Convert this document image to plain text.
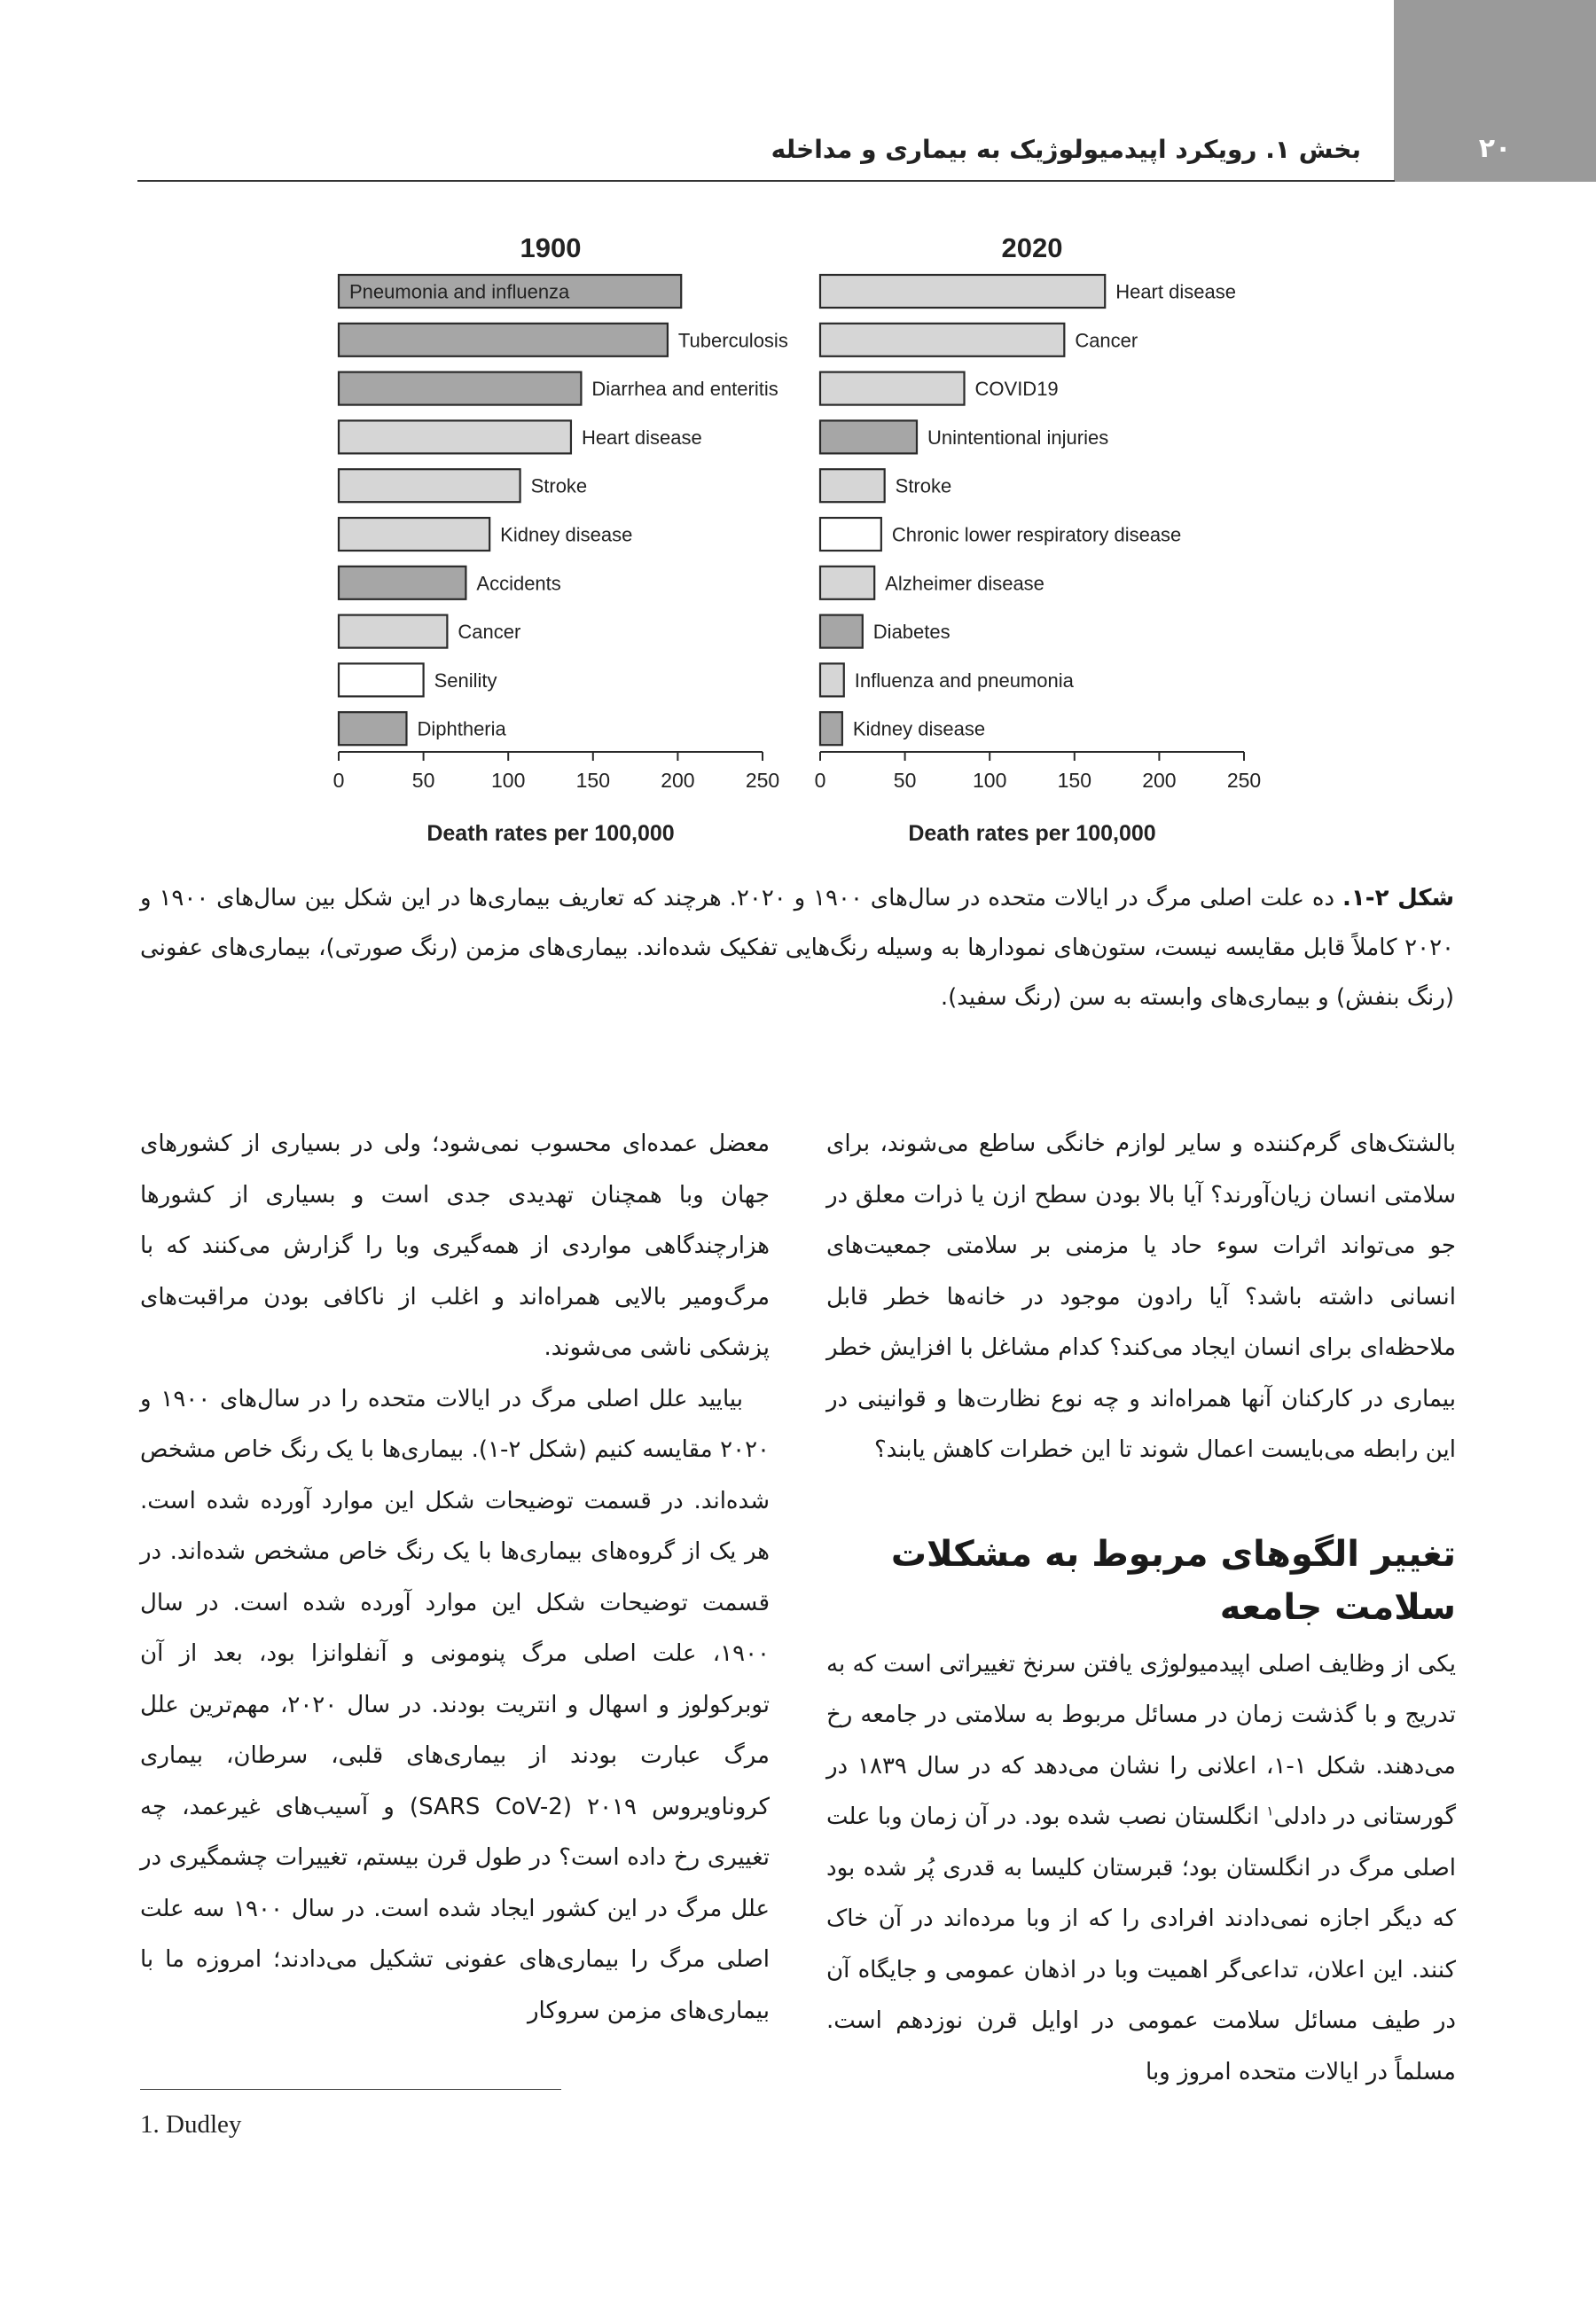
۲۰
بخش ۱. رویکرد اپیدمیولوژیک به بیماری و مداخله
1900
Pneumonia and influenza
Tuberculosis
Diarrhea and enteritis
Heart disease
Stroke
Kidney disease
Accidents
Cancer
Senility
Diphtheria
0	50	100 150 200 250
Death rates per 100,000
2020
Heart disease
Cancer
COVID19
Unintentional injuries
Stroke
Chronic lower respiratory disease
Alzheimer disease
Diabetes
Influenza and pneumonia
Kidney disease
0	50	100 150 200 250
Death rates per 100,000
شکل ۲-۱. ده علت اصلی مرگ در ایالات متحده در سال‌های ۱۹۰۰ و ۲۰۲۰. هرچند که تعاریف بیماری‌ها در این شکل بین سال‌های ۱۹۰۰ و ۲۰۲۰ کاملاً قابل مقایسه نیست، ستون‌های نمودارها به وسیله رنگ‌هایی تفکیک شده‌اند. بیماری‌های مزمن (رنگ صورتی)، بیماری‌های عفونی (رنگ بنفش) و بیماری‌های وابسته به سن (رنگ سفید).

بالشتک‌های گرم‌کننده و سایر لوازم خانگی ساطع می‌شوند، برای سلامتی انسان زیان‌آورند؟ آیا بالا بودن سطح ازن یا ذرات معلق در جو می‌تواند اثرات سوء حاد یا مزمنی بر سلامتی جمعیت‌های انسانی داشته باشد؟ آیا رادون موجود در خانه‌ها خطر قابل ملاحظه‌ای برای انسان ایجاد می‌کند؟ کدام مشاغل با افزایش خطر بیماری در کارکنان آنها همراه‌اند و چه نوع نظارت‌ها و قوانینی در این رابطه می‌بایست اعمال شوند تا این خطرات کاهش یابند؟

تغییر الگوهای مربوط به مشکلات سلامت جامعه

یکی از وظایف اصلی اپیدمیولوژی یافتن سرنخ تغییراتی است که به تدریج و با گذشت زمان در مسائل مربوط به سلامتی در جامعه رخ می‌دهند. شکل ۱-۱، اعلانی را نشان می‌دهد که در سال ۱۸۳۹ در گورستانی در دادلی$^۱$ انگلستان نصب شده بود. در آن زمان وبا علت اصلی مرگ در انگلستان بود؛ قبرستان کلیسا به قدری پُر شده بود که دیگر اجازه نمی‌دادند افرادی را که از وبا مرده‌اند در آن خاک کنند. این اعلان، تداعی‌گر اهمیت وبا در اذهان عمومی و جایگاه آن در طیف مسائل سلامت عمومی در اوایل قرن نوزدهم است. مسلماً در ایالات متحده امروز وبا

معضل عمده‌ای محسوب نمی‌شود؛ ولی در بسیاری از کشورهای جهان وبا همچنان تهدیدی جدی است و بسیاری از کشورها هزارچندگاهی مواردی از همه‌گیری وبا را گزارش می‌کنند که با مرگ‌ومیر بالایی همراه‌اند و اغلب از ناکافی بودن مراقبت‌های پزشکی ناشی می‌شوند.

بیایید علل اصلی مرگ در ایالات متحده را در سال‌های ۱۹۰۰ و ۲۰۲۰ مقایسه کنیم (شکل ۲-۱). بیماری‌ها با یک رنگ خاص مشخص شده‌اند. در قسمت توضیحات شکل این موارد آورده شده است. هر یک از گروه‌های بیماری‌ها با یک رنگ خاص مشخص شده‌اند. در قسمت توضیحات شکل این موارد آورده شده است. در سال ۱۹۰۰، علت اصلی مرگ پنومونی و آنفلوانزا بود، بعد از آن توبرکولوز و اسهال و انتریت بودند. در سال ۲۰۲۰، مهم‌ترین علل مرگ عبارت بودند از بیماری‌های قلبی، سرطان، بیماری کروناویروس ۲۰۱۹ (SARS CoV-2) و آسیب‌های غیرعمد، چه تغییری رخ داده است؟ در طول قرن بیستم، تغییرات چشمگیری در علل مرگ در این کشور ایجاد شده است. در سال ۱۹۰۰ سه علت اصلی مرگ را بیماری‌های عفونی تشکیل می‌دادند؛ امروزه ما با بیماری‌های مزمن سروکار

1. Dudley
